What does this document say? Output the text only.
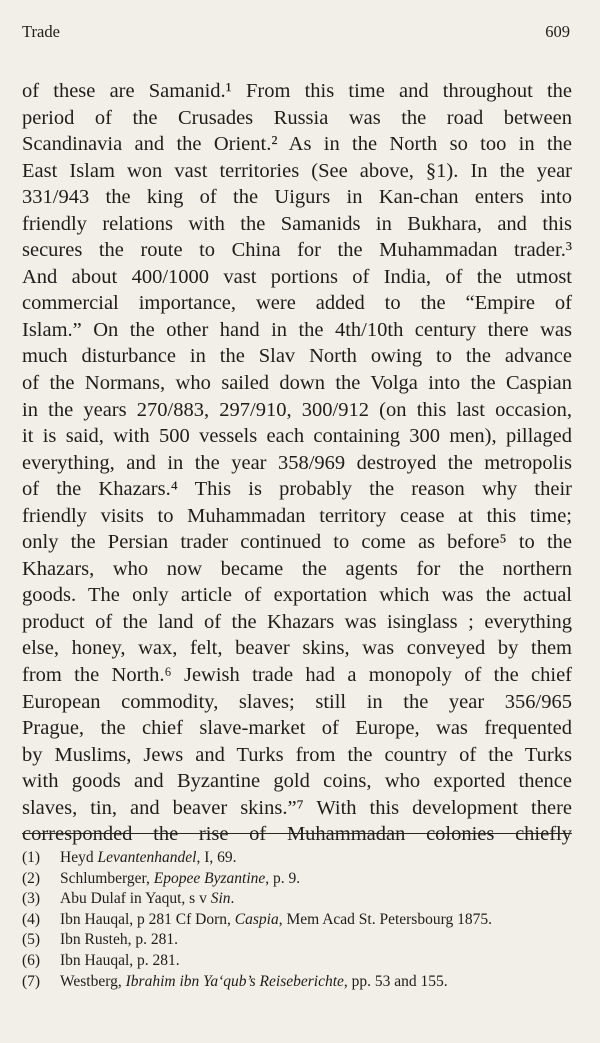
Trade	609
of these are Samanid.¹ From this time and throughout the
period of the Crusades Russia was the road between
Scandinavia and the Orient.² As in the North so too in the
East Islam won vast territories (See above, §1). In the year
331/943 the king of the Uigurs in Kan-chan enters into
friendly relations with the Samanids in Bukhara, and this
secures the route to China for the Muhammadan trader.³
And about 400/1000 vast portions of India, of the utmost
commercial importance, were added to the “Empire of
Islam.” On the other hand in the 4th/10th century there was
much disturbance in the Slav North owing to the advance
of the Normans, who sailed down the Volga into the Caspian
in the years 270/883, 297/910, 300/912 (on this last occasion,
it is said, with 500 vessels each containing 300 men), pillaged
everything, and in the year 358/969 destroyed the metropolis
of the Khazars.⁴ This is probably the reason why their
friendly visits to Muhammadan territory cease at this time;
only the Persian trader continued to come as before⁵ to the
Khazars, who now became the agents for the northern
goods. The only article of exportation which was the actual
product of the land of the Khazars was isinglass ; everything
else, honey, wax, felt, beaver skins, was conveyed by them
from the North.⁶ Jewish trade had a monopoly of the chief
European commodity, slaves; still in the year 356/965
Prague, the chief slave-market of Europe, was frequented
by Muslims, Jews and Turks from the country of the Turks
with goods and Byzantine gold coins, who exported thence
slaves, tin, and beaver skins.”⁷ With this development there
corresponded the rise of Muhammadan colonies chiefly
(1) Heyd Levantenhandel, I, 69.
(2) Schlumberger, Epopee Byzantine, p. 9.
(3) Abu Dulaf in Yaqut, s v Sin.
(4) Ibn Hauqal, p 281 Cf Dorn, Caspia, Mem Acad St. Petersbourg 1875.
(5) Ibn Rusteh, p. 281.
(6) Ibn Hauqal, p. 281.
(7) Westberg, Ibrahim ibn Ya‘qub’s Reiseberichte, pp. 53 and 155.
